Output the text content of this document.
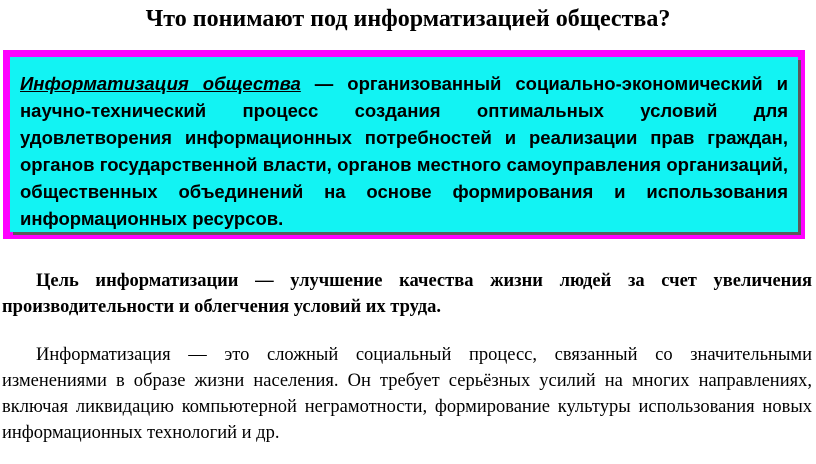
Что понимают под информатизацией общества?
Информатизация общества — организованный социально-экономический и научно-технический процесс создания оптимальных условий для удовлетворения информационных потребностей и реализации прав граждан, органов государственной власти, органов местного самоуправления организаций, общественных объединений на основе формирования и использования информационных ресурсов.
Цель информатизации — улучшение качества жизни людей за счет увеличения производительности и облегчения условий их труда.
Информатизация — это сложный социальный процесс, связанный со значительными изменениями в образе жизни населения. Он требует серьёзных усилий на многих направлениях, включая ликвидацию компьютерной неграмотности, формирование культуры использования новых информационных технологий и др.
